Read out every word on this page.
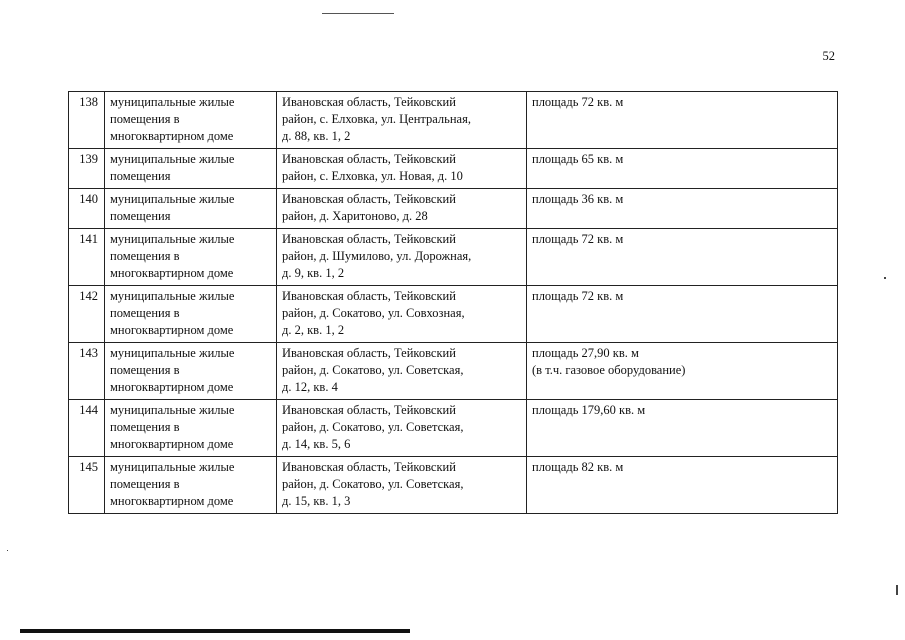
52
138	муниципальные жилые
помещения в
многоквартирном доме	Ивановская область, Тейковский
район, с. Елховка, ул. Центральная,
д. 88, кв. 1, 2	площадь 72 кв. м
139	муниципальные жилые
помещения	Ивановская область, Тейковский
район, с. Елховка, ул. Новая, д. 10	площадь 65 кв. м
140	муниципальные жилые
помещения	Ивановская область, Тейковский
район, д. Харитоново, д. 28	площадь 36 кв. м
141	муниципальные жилые
помещения в
многоквартирном доме	Ивановская область, Тейковский
район, д. Шумилово, ул. Дорожная,
д. 9, кв. 1, 2	площадь 72 кв. м
142	муниципальные жилые
помещения в
многоквартирном доме	Ивановская область, Тейковский
район, д. Сокатово, ул. Совхозная,
д. 2, кв. 1, 2	площадь 72 кв. м
143	муниципальные жилые
помещения в
многоквартирном доме	Ивановская область, Тейковский
район, д. Сокатово, ул. Советская,
д. 12, кв. 4	площадь 27,90 кв. м
(в т.ч. газовое оборудование)
144	муниципальные жилые
помещения в
многоквартирном доме	Ивановская область, Тейковский
район, д. Сокатово, ул. Советская,
д. 14, кв. 5, 6	площадь 179,60 кв. м
145	муниципальные жилые
помещения в
многоквартирном доме	Ивановская область, Тейковский
район, д. Сокатово, ул. Советская,
д. 15, кв. 1, 3	площадь 82 кв. м
